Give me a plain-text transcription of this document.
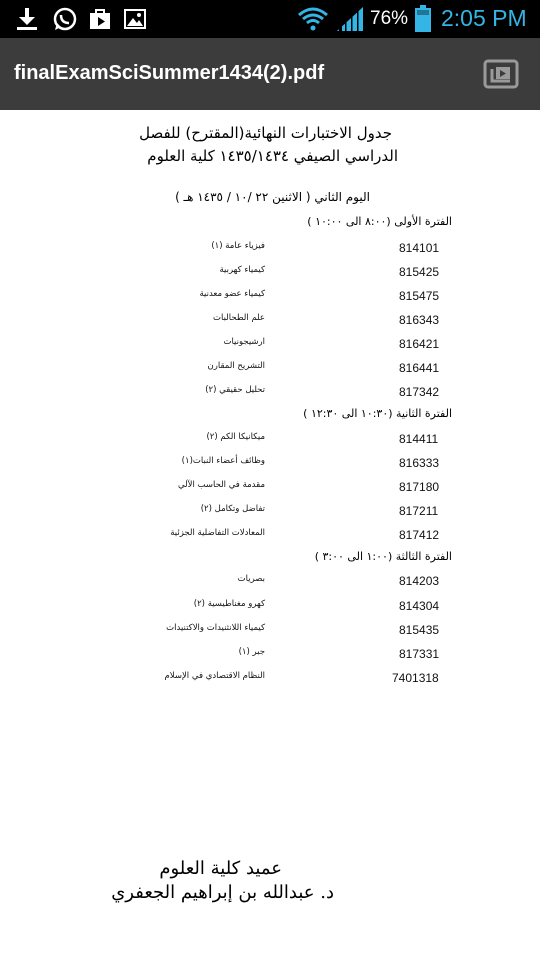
76% 2:05 PM
finalExamSciSummer1434(2).pdf
جدول الاختبارات النهائية(المقترح) للفصل
الدراسي الصيفي ١٤٣٥/١٤٣٤ كلية العلوم
اليوم الثاني ( الاثنين ٢٢ /١٠ / ١٤٣٥ هـ )
الفترة الأولى (٨:٠٠ الى ١٠:٠٠ )
فيزياء عامة (١)	814101
كيمياء كهربية	815425
كيمياء عضو معدنية	815475
علم الطحالبات	816343
ارشيجونيات	816421
التشريح المقارن	816441
تحليل حقيقي (٢)	817342
الفترة الثانية (١٠:٣٠ الى ١٢:٣٠ )
ميكانيكا الكم (٢)	814411
وظائف أعضاء النبات(١)	816333
مقدمة في الحاسب الآلي	817180
تفاضل وتكامل (٢)	817211
المعادلات التفاضلية الجزئية	817412
الفترة الثالثة (١:٠٠ الى ٣:٠٠ )
بصريات	814203
كهرو مغناطيسية (٢)	814304
كيمياء اللانثنيدات والاكتنيدات	815435
جبر (١)	817331
النظام الاقتصادي في الإسلام	7401318
عميد كلية العلوم
د. عبدالله بن إبراهيم الجعفري
